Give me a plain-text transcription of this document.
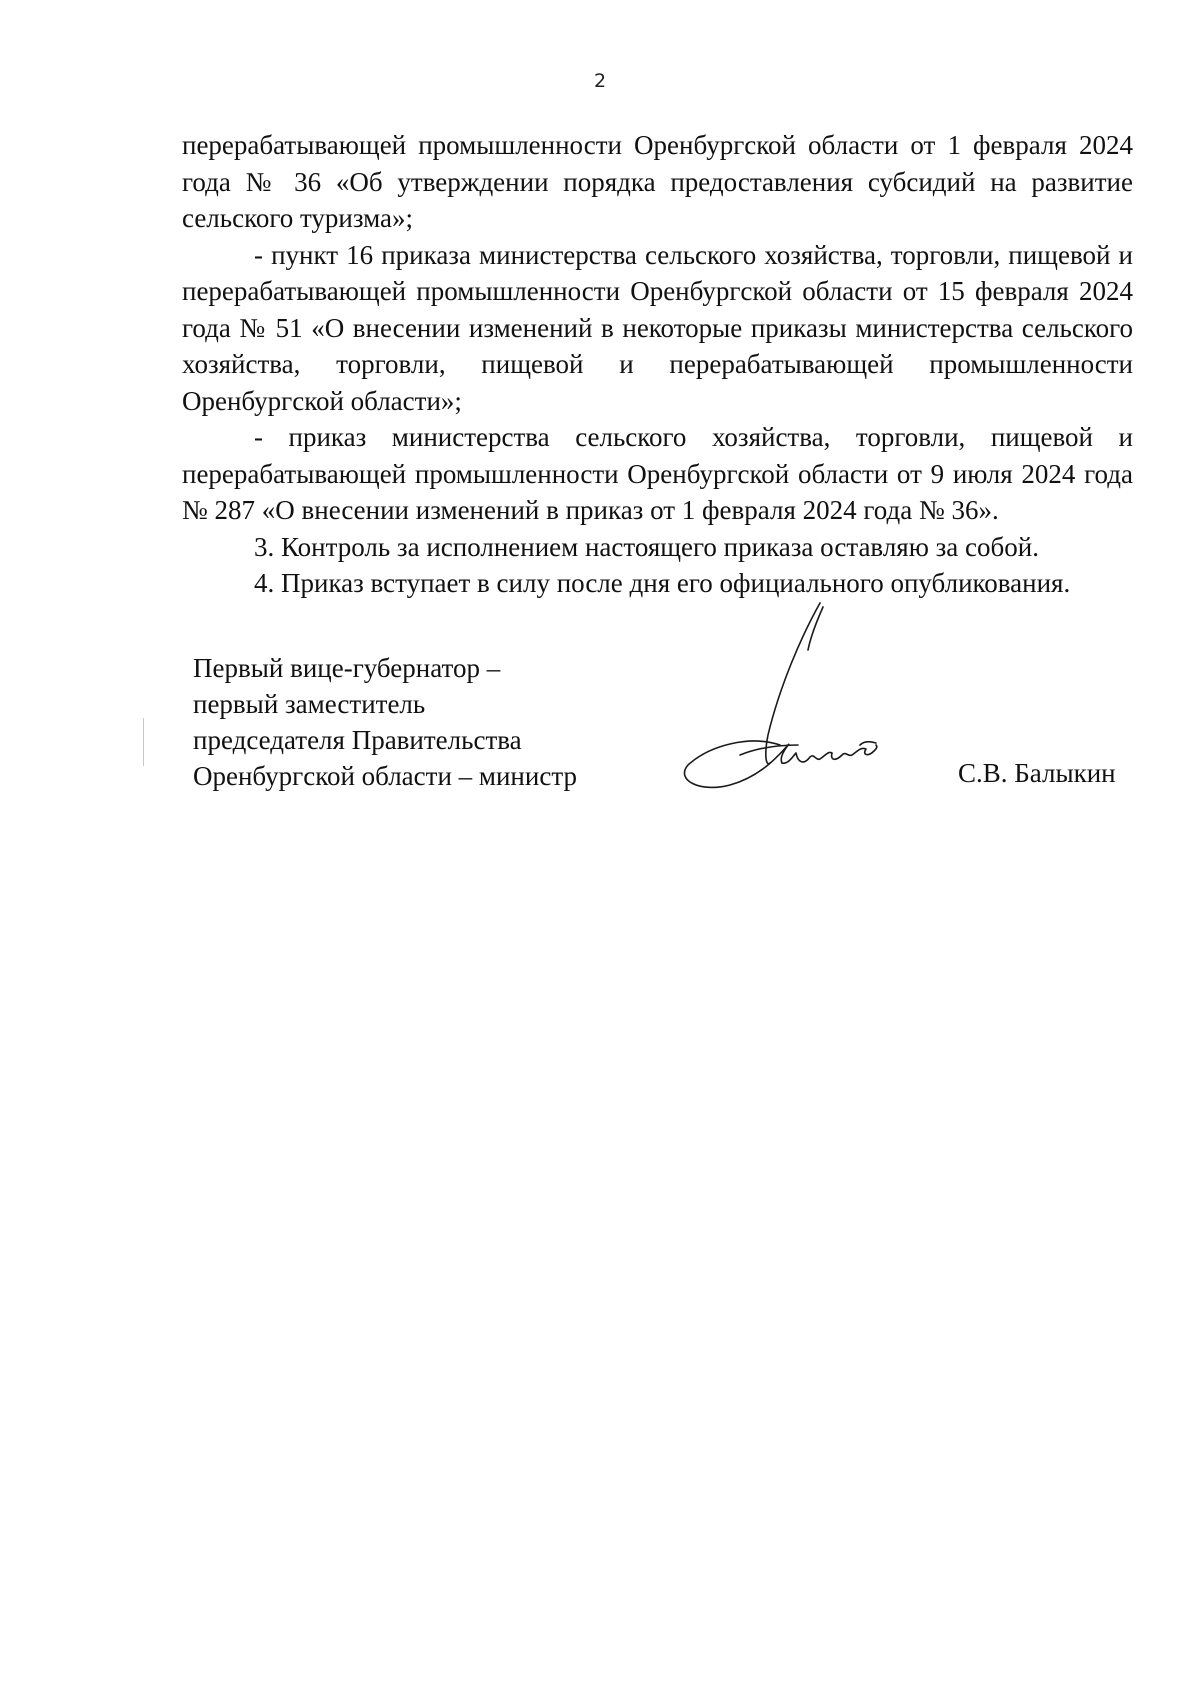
2

перерабатывающей промышленности Оренбургской области от 1 февраля 2024 года № 36 «Об утверждении порядка предоставления субсидий на развитие сельского туризма»;

- пункт 16 приказа министерства сельского хозяйства, торговли, пищевой и перерабатывающей промышленности Оренбургской области от 15 февраля 2024 года № 51 «О внесении изменений в некоторые приказы министерства сельского хозяйства, торговли, пищевой и перерабатывающей промышленности Оренбургской области»;

- приказ министерства сельского хозяйства, торговли, пищевой и перерабатывающей промышленности Оренбургской области от 9 июля 2024 года № 287 «О внесении изменений в приказ от 1 февраля 2024 года № 36».

3. Контроль за исполнением настоящего приказа оставляю за собой.

4. Приказ вступает в силу после дня его официального опубликования.

Первый вице-губернатор –
первый заместитель
председателя Правительства
Оренбургской области – министр	С.В. Балыкин
